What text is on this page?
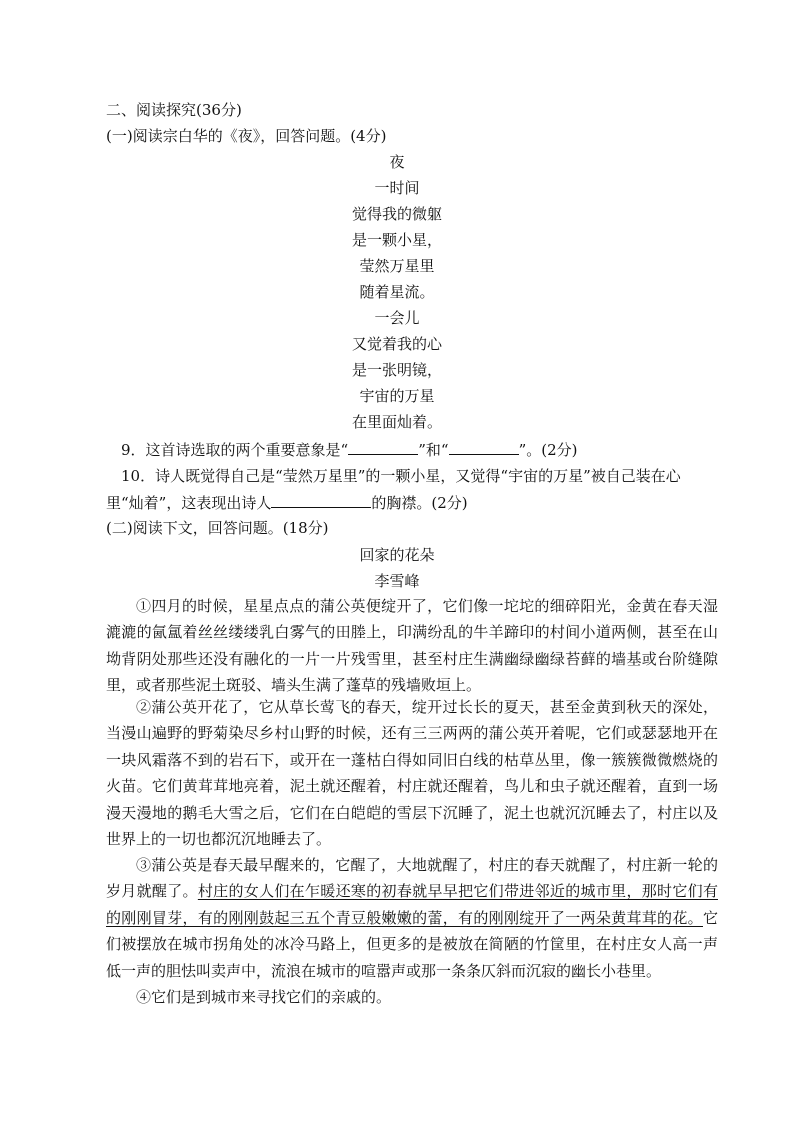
二、阅读探究(36分)
(一)阅读宗白华的《夜》，回答问题。(4分)
夜
一时间
觉得我的微躯
是一颗小星，
莹然万星里
随着星流。
一会儿
又觉着我的心
是一张明镜，
宇宙的万星
在里面灿着。
9．这首诗选取的两个重要意象是“	”和“	”。(2分)
10．诗人既觉得自己是“莹然万星里”的一颗小星，又觉得“宇宙的万星”被自己装在心
里“灿着”，这表现出诗人	的胸襟。(2分)
(二)阅读下文，回答问题。(18分)
回家的花朵
李雪峰
①四月的时候，星星点点的蒲公英便绽开了，它们像一坨坨的细碎阳光，金黄在春天湿漉漉的氤氲着丝丝缕缕乳白雾气的田塍上，印满纷乱的牛羊蹄印的村间小道两侧，甚至在山坳背阴处那些还没有融化的一片一片残雪里，甚至村庄生满幽绿幽绿苔藓的墙基或台阶缝隙里，或者那些泥土斑驳、墙头生满了蓬草的残墙败垣上。
②蒲公英开花了，它从草长莺飞的春天，绽开过长长的夏天，甚至金黄到秋天的深处，当漫山遍野的野菊染尽乡村山野的时候，还有三三两两的蒲公英开着呢，它们或瑟瑟地开在一块风霜落不到的岩石下，或开在一蓬枯白得如同旧白线的枯草丛里，像一簇簇微微燃烧的火苗。它们黄茸茸地亮着，泥土就还醒着，村庄就还醒着，鸟儿和虫子就还醒着，直到一场漫天漫地的鹅毛大雪之后，它们在白皑皑的雪层下沉睡了，泥土也就沉沉睡去了，村庄以及世界上的一切也都沉沉地睡去了。
③蒲公英是春天最早醒来的，它醒了，大地就醒了，村庄的春天就醒了，村庄新一轮的岁月就醒了。村庄的女人们在乍暖还寒的初春就早早把它们带进邻近的城市里，那时它们有的刚刚冒芽，有的刚刚鼓起三五个青豆般嫩嫩的蕾，有的刚刚绽开了一两朵黄茸茸的花。它们被摆放在城市拐角处的冰冷马路上，但更多的是被放在简陋的竹筐里，在村庄女人高一声低一声的胆怯叫卖声中，流浪在城市的喧嚣声或那一条条仄斜而沉寂的幽长小巷里。
④它们是到城市来寻找它们的亲戚的。
